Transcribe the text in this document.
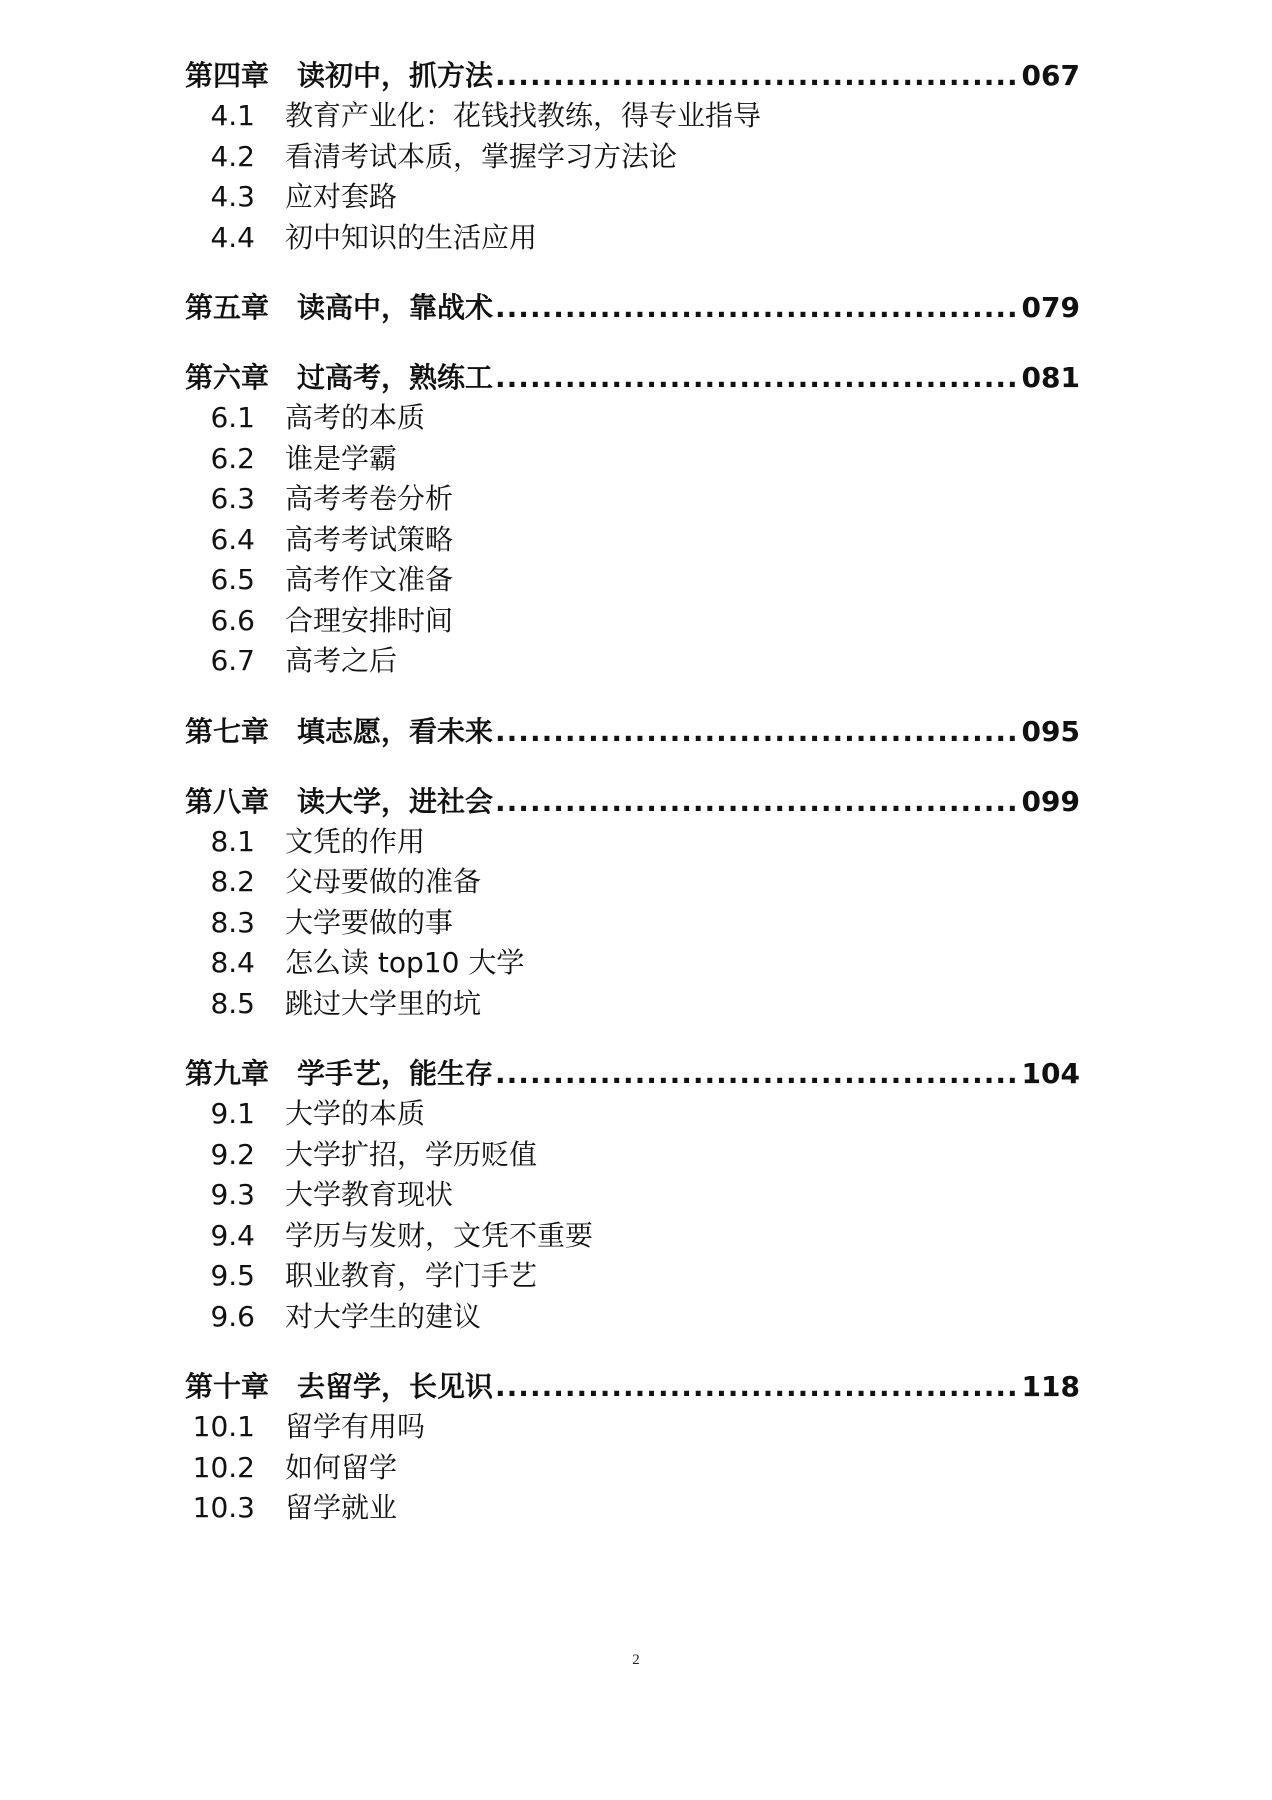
第四章	读初中，抓方法 .....	067
4.1	教育产业化：花钱找教练，得专业指导
4.2	看清考试本质，掌握学习方法论
4.3	应对套路
4.4	初中知识的生活应用
第五章	读高中，靠战术 .....	079
第六章	过高考，熟练工 .....	081
6.1	高考的本质
6.2	谁是学霸
6.3	高考考卷分析
6.4	高考考试策略
6.5	高考作文准备
6.6	合理安排时间
6.7	高考之后
第七章	填志愿，看未来 .....	095
第八章	读大学，进社会 .....	099
8.1	文凭的作用
8.2	父母要做的准备
8.3	大学要做的事
8.4	怎么读 top10 大学
8.5	跳过大学里的坑
第九章	学手艺，能生存 .....	104
9.1	大学的本质
9.2	大学扩招，学历贬值
9.3	大学教育现状
9.4	学历与发财，文凭不重要
9.5	职业教育，学门手艺
9.6	对大学生的建议
第十章	去留学，长见识 .....	118
10.1	留学有用吗
10.2	如何留学
10.3	留学就业
2
